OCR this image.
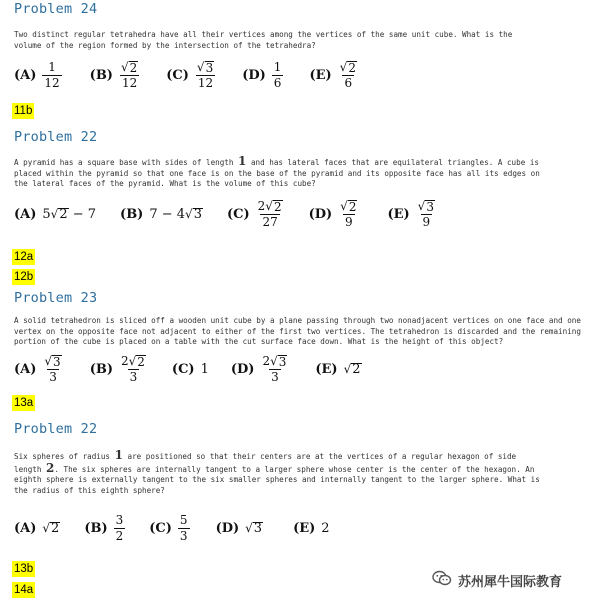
Problem 24
Two distinct regular tetrahedra have all their vertices among the vertices of the same unit cube. What is the
volume of the region formed by the intersection of the tetrahedra?
$(A) \frac{1}{12} (B) \frac{√ 2}{12} (C) \frac{√ 3}{12} (D) \frac{1}{6} (E) \frac{√ 2}{6}$
11b
Problem 22
A pyramid has a square base with sides of length 1 and has lateral faces that are equilateral triangles. A cube is
placed within the pyramid so that one face is on the base of the pyramid and its opposite face has all its edges on
the lateral faces of the pyramid. What is the volume of this cube?
(A) 5 √ 2 − 7 (B) 7 − 4 √ 3 $(C) \frac{2 √ 2}{27} (D) \frac{√ 2}{9} (E) \frac{√ 3}{9}$
12a
12b
Problem 23
A solid tetrahedron is sliced off a wooden unit cube by a plane passing through two nonadjacent vertices on one face and one
vertex on the opposite face not adjacent to either of the first two vertices. The tetrahedron is discarded and the remaining
portion of the cube is placed on a table with the cut surface face down. What is the height of this object?
$(A) \frac{√ 3}{3} (B) \frac{2 √ 2}{3} (C)$ 1 $(D) \frac{2 √ 3}{3} (E)$ √ 2
13a
Problem 22
Six spheres of radius 1 are positioned so that their centers are at the vertices of a regular hexagon of side
length 2. The six spheres are internally tangent to a larger sphere whose center is the center of the hexagon. An
eighth sphere is externally tangent to the six smaller spheres and internally tangent to the larger sphere. What is
the radius of this eighth sphere?
(A) √ 2 $(B) \frac{3}{2} (C) \frac{5}{3} (D)$ √ 3 (E) 2
13b
14a	苏州犀牛国际教育
